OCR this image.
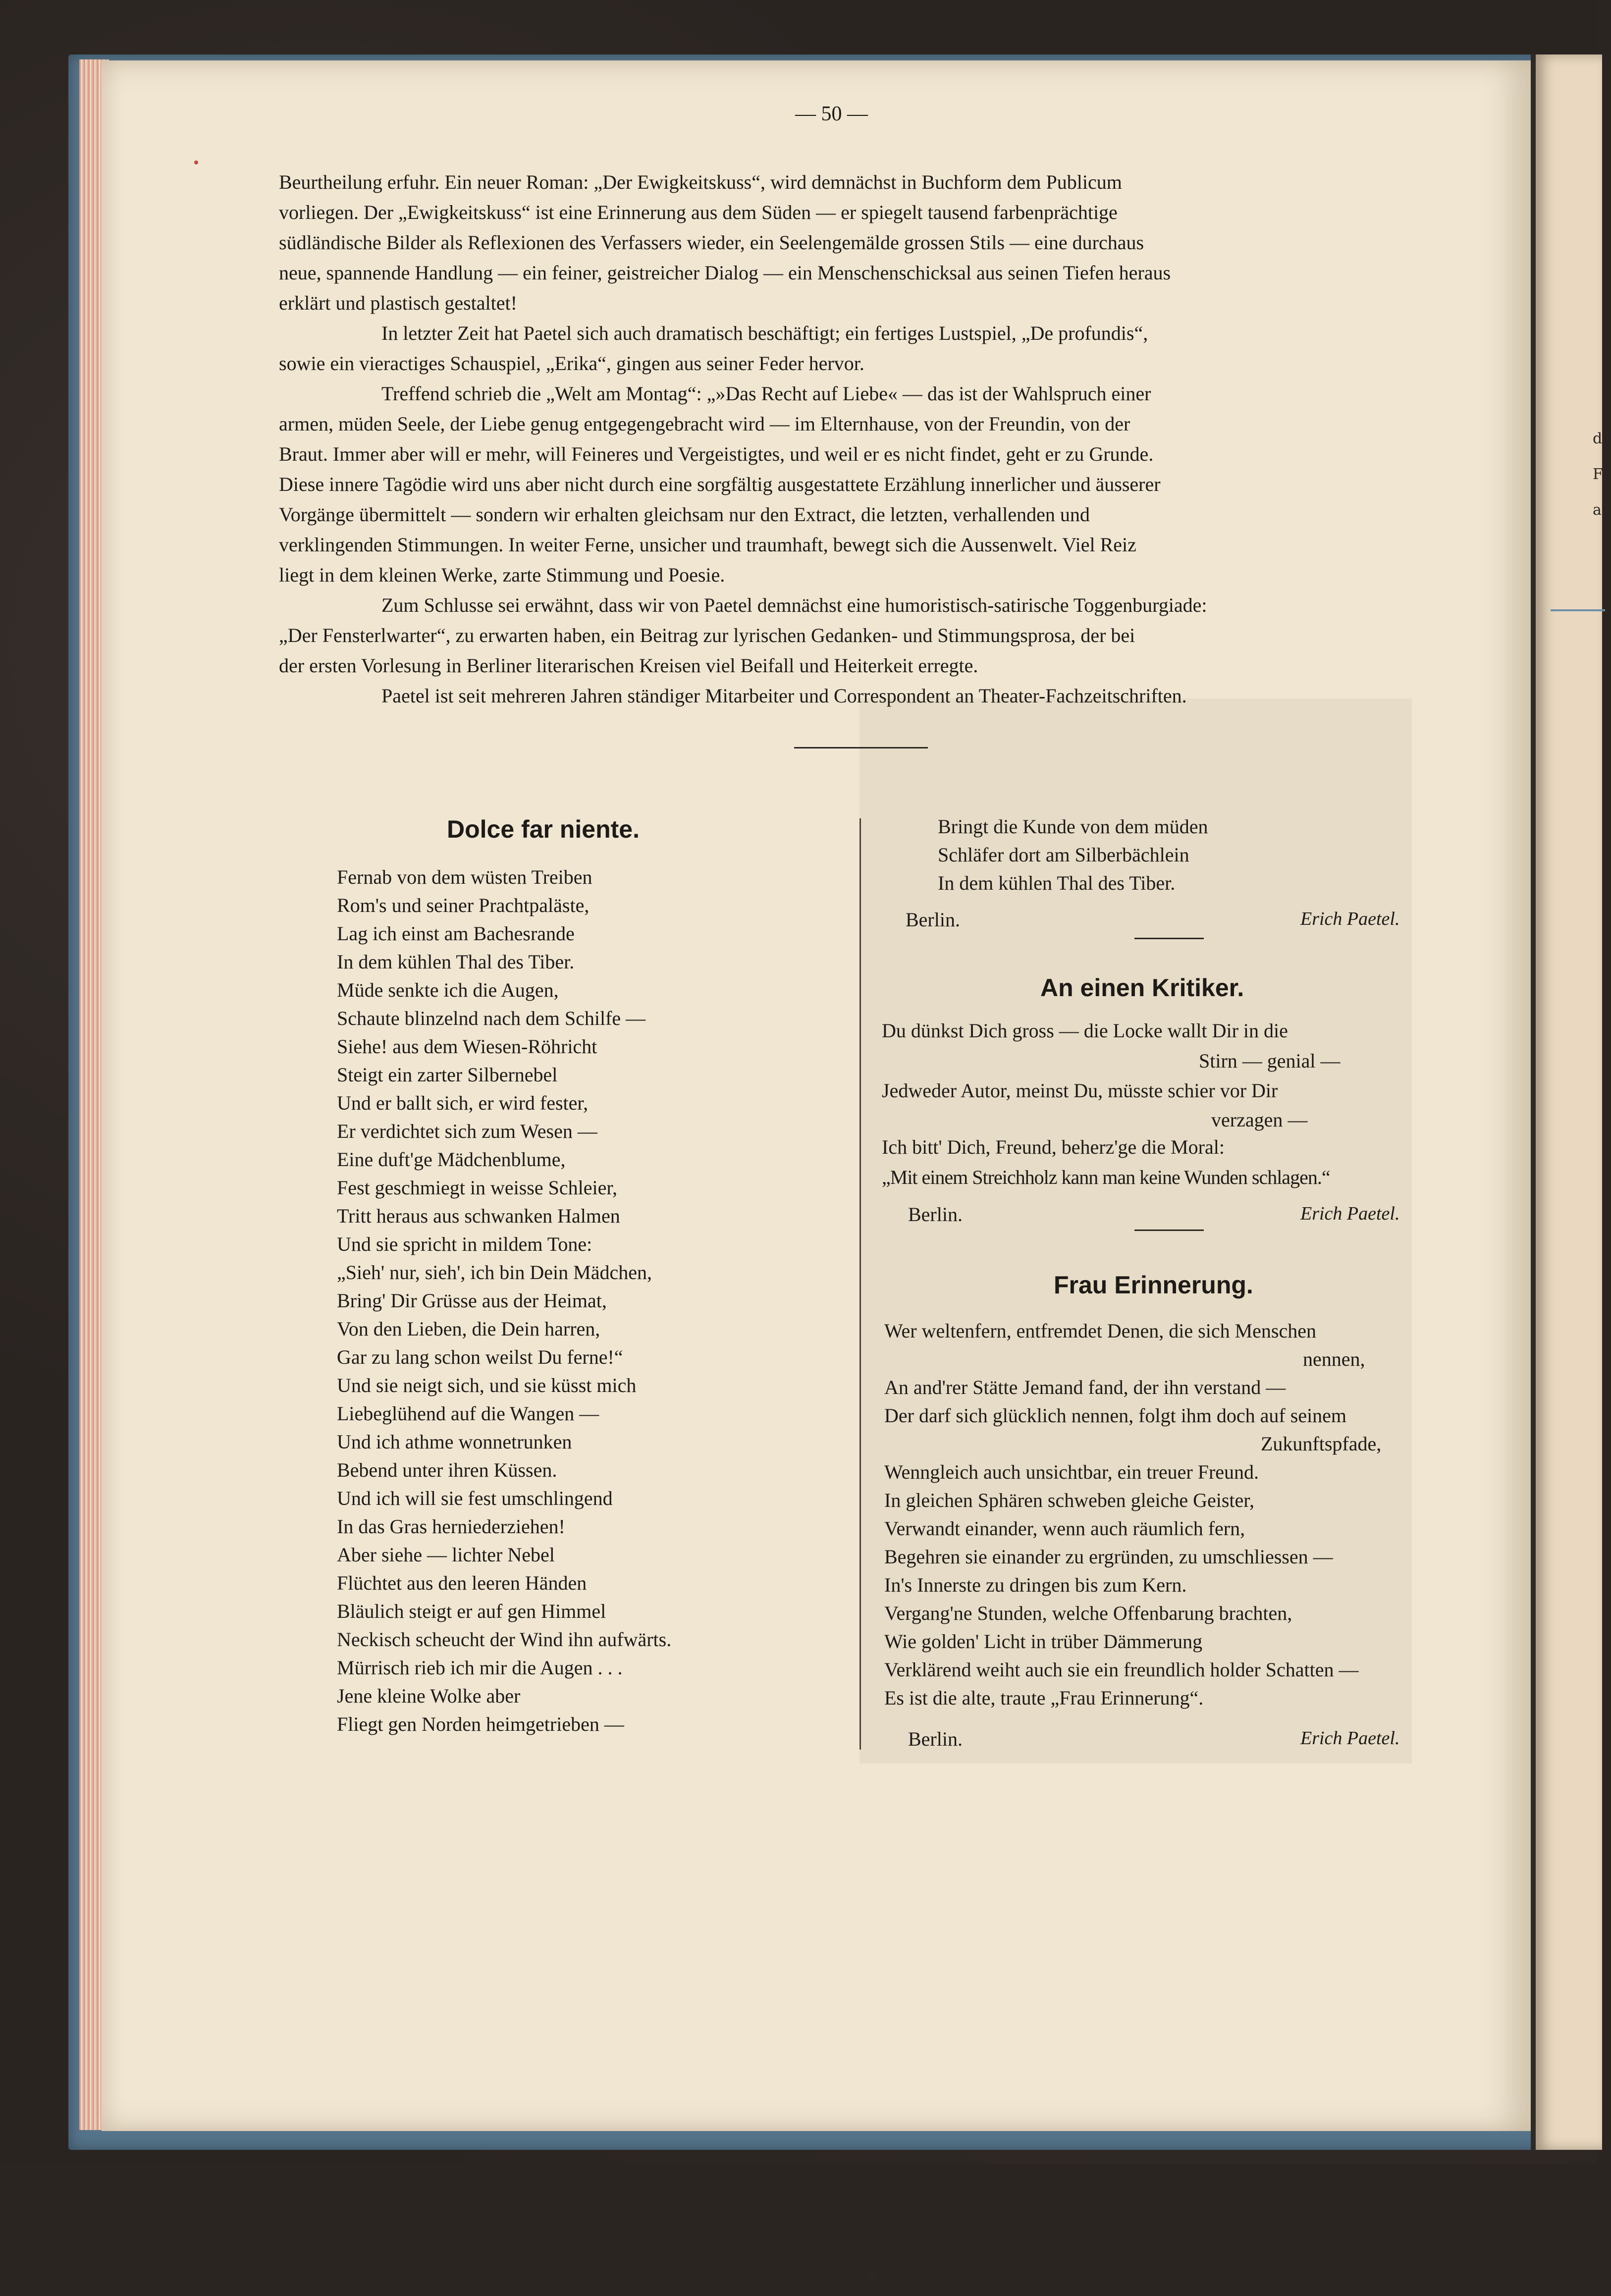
di
Fe
ar
— 50 —
Beurtheilung erfuhr. Ein neuer Roman: „Der Ewigkeitskuss“, wird demnächst in Buchform dem Publicum
vorliegen. Der „Ewigkeitskuss“ ist eine Erinnerung aus dem Süden — er spiegelt tausend farbenprächtige
südländische Bilder als Reflexionen des Verfassers wieder, ein Seelengemälde grossen Stils — eine durchaus
neue, spannende Handlung — ein feiner, geistreicher Dialog — ein Menschenschicksal aus seinen Tiefen heraus
erklärt und plastisch gestaltet!
In letzter Zeit hat Paetel sich auch dramatisch beschäftigt; ein fertiges Lustspiel, „De profundis“,
sowie ein vieractiges Schauspiel, „Erika“, gingen aus seiner Feder hervor.
Treffend schrieb die „Welt am Montag“: „»Das Recht auf Liebe« — das ist der Wahlspruch einer
armen, müden Seele, der Liebe genug entgegengebracht wird — im Elternhause, von der Freundin, von der
Braut. Immer aber will er mehr, will Feineres und Vergeistigtes, und weil er es nicht findet, geht er zu Grunde.
Diese innere Tagödie wird uns aber nicht durch eine sorgfältig ausgestattete Erzählung innerlicher und äusserer
Vorgänge übermittelt — sondern wir erhalten gleichsam nur den Extract, die letzten, verhallenden und
verklingenden Stimmungen. In weiter Ferne, unsicher und traumhaft, bewegt sich die Aussenwelt. Viel Reiz
liegt in dem kleinen Werke, zarte Stimmung und Poesie.
Zum Schlusse sei erwähnt, dass wir von Paetel demnächst eine humoristisch-satirische Toggenburgiade:
„Der Fensterlwarter“, zu erwarten haben, ein Beitrag zur lyrischen Gedanken- und Stimmungsprosa, der bei
der ersten Vorlesung in Berliner literarischen Kreisen viel Beifall und Heiterkeit erregte.
Paetel ist seit mehreren Jahren ständiger Mitarbeiter und Correspondent an Theater-Fachzeitschriften.
Dolce far niente.
Fernab von dem wüsten Treiben
Rom's und seiner Prachtpaläste,
Lag ich einst am Bachesrande
In dem kühlen Thal des Tiber.
Müde senkte ich die Augen,
Schaute blinzelnd nach dem Schilfe —
Siehe! aus dem Wiesen-Röhricht
Steigt ein zarter Silbernebel
Und er ballt sich, er wird fester,
Er verdichtet sich zum Wesen —
Eine duft'ge Mädchenblume,
Fest geschmiegt in weisse Schleier,
Tritt heraus aus schwanken Halmen
Und sie spricht in mildem Tone:
„Sieh' nur, sieh', ich bin Dein Mädchen,
Bring' Dir Grüsse aus der Heimat,
Von den Lieben, die Dein harren,
Gar zu lang schon weilst Du ferne!“
Und sie neigt sich, und sie küsst mich
Liebeglühend auf die Wangen —
Und ich athme wonnetrunken
Bebend unter ihren Küssen.
Und ich will sie fest umschlingend
In das Gras herniederziehen!
Aber siehe — lichter Nebel
Flüchtet aus den leeren Händen
Bläulich steigt er auf gen Himmel
Neckisch scheucht der Wind ihn aufwärts.
Mürrisch rieb ich mir die Augen . . .
Jene kleine Wolke aber
Fliegt gen Norden heimgetrieben —
Bringt die Kunde von dem müden
Schläfer dort am Silberbächlein
In dem kühlen Thal des Tiber.
Berlin.	Erich Paetel.
An einen Kritiker.
Du dünkst Dich gross — die Locke wallt Dir in die
Stirn — genial —
Jedweder Autor, meinst Du, müsste schier vor Dir
verzagen —
Ich bitt' Dich, Freund, beherz'ge die Moral:
„Mit einem Streichholz kann man keine Wunden schlagen.“
Berlin.	Erich Paetel.
Frau Erinnerung.
Wer weltenfern, entfremdet Denen, die sich Menschen
nennen,
An and'rer Stätte Jemand fand, der ihn verstand —
Der darf sich glücklich nennen, folgt ihm doch auf seinem
Zukunftspfade,
Wenngleich auch unsichtbar, ein treuer Freund.
In gleichen Sphären schweben gleiche Geister,
Verwandt einander, wenn auch räumlich fern,
Begehren sie einander zu ergründen, zu umschliessen —
In's Innerste zu dringen bis zum Kern.
Vergang'ne Stunden, welche Offenbarung brachten,
Wie golden' Licht in trüber Dämmerung
Verklärend weiht auch sie ein freundlich holder Schatten —
Es ist die alte, traute „Frau Erinnerung“.
Berlin.	Erich Paetel.
